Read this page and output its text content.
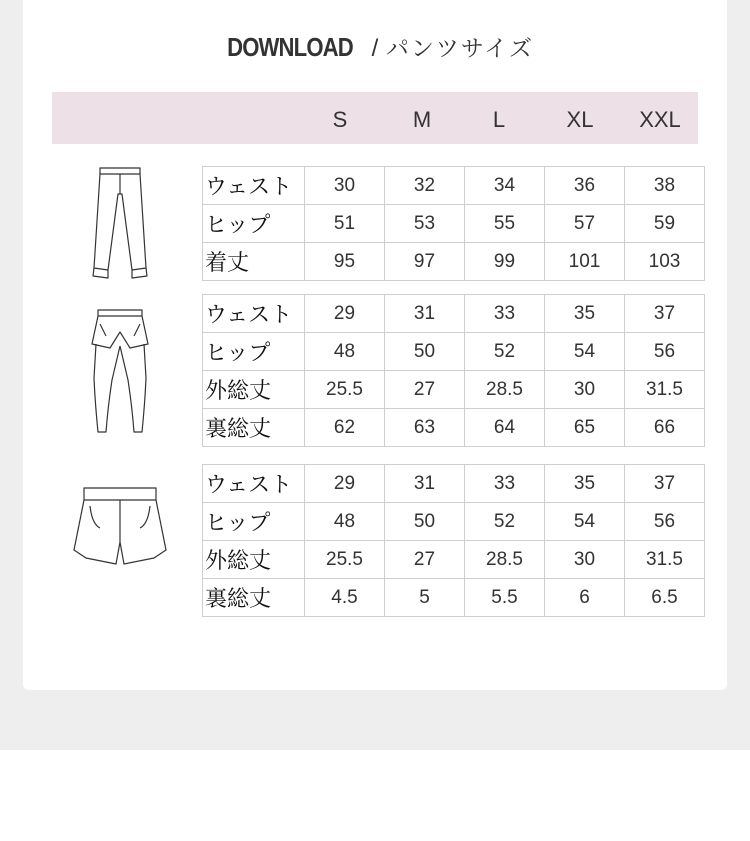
DOWNLOAD / パンツサイズ
S	M	L	XL	XXL
ウェスト	30	32	34	36	38
ヒップ	51	53	55	57	59
着丈	95	97	99	101	103
ウェスト	29	31	33	35	37
ヒップ	48	50	52	54	56
外総丈	25.5	27	28.5	30	31.5
裏総丈	62	63	64	65	66
ウェスト	29	31	33	35	37
ヒップ	48	50	52	54	56
外総丈	25.5	27	28.5	30	31.5
裏総丈	4.5	5	5.5	6	6.5
